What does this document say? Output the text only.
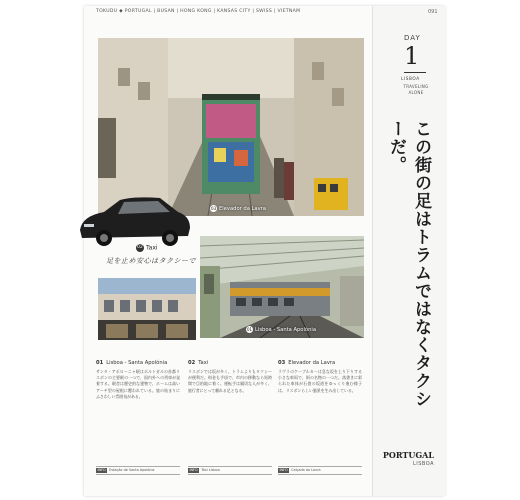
TOKUDU ◆ PORTUGAL | BUSAN | HONG KONG | KANSAS CITY | SWISS | VIETNAM	091
DAY
1
LISBOA
TRAVELING ALONE
この街の足はトラムではなくタクシーだ。
PORTUGAL
LISBOA
03 Elevador da Lavra
02 Taxi
足を止め安心はタクシーで
01 Lisboa - Santa Apolónia
01 Lisboa - Santa Apolónia
サンタ・アポローニャ駅はポルトガルの首都リスボンの主要駅の一つで、国内外への列車が発着する。駅舎は歴史的な建物で、ホームは高いアーチ型の屋根に覆われている。旅の始まりにふさわしい雰囲気がある。
02 Taxi
リスボンでは坂が多く、トラムよりもタクシーが便利だ。料金も手頃で、市内の移動なら短時間で目的地に着く。運転手は親切な人が多く、旅行者にとって頼れる足となる。
03 Elevador da Lavra
ラヴラのケーブルカーは急な坂を上り下りする小さな車両で、街の名物の一つだ。落書きに彩られた車体が石畳の坂道をゆっくり進む様子は、リスボンらしい風景を生み出している。
INFO Estação de Santa Apolónia	INFO Táxi Lisboa	INFO Calçada do Lavra
